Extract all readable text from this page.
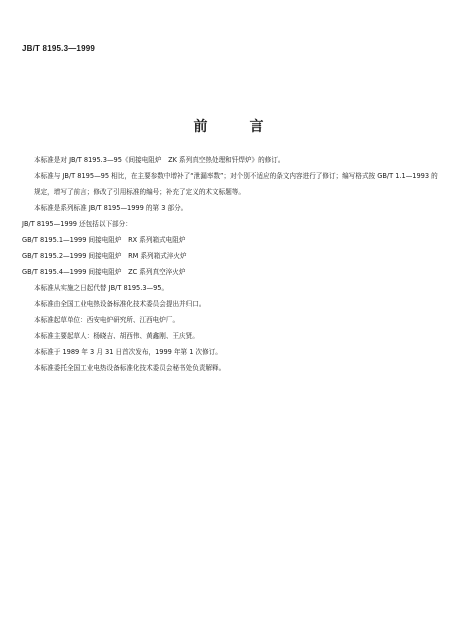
JB/T 8195.3—1999
前　言

本标准是对 JB/T 8195.3—95《间接电阻炉　ZK 系列真空热处理和钎焊炉》的修订。

本标准与 JB/T 8195—95 相比，在主要参数中增补了“泄漏率数”；对个别不适应的条文内容进行了修订；编写格式按 GB/T 1.1—1993 的规定，增写了前言；修改了引用标准的编号；补充了定义的术文标题等。

本标准是系列标准 JB/T 8195—1999 的第 3 部分。

JB/T 8195—1999 还包括以下部分：

GB/T 8195.1—1999 间接电阻炉　RX 系列箱式电阻炉

GB/T 8195.2—1999 间接电阻炉　RM 系列箱式淬火炉

GB/T 8195.4—1999 间接电阻炉　ZC 系列真空淬火炉

本标准从实施之日起代替 JB/T 8195.3—95。

本标准由全国工业电热设备标准化技术委员会提出并归口。

本标准起草单位：西安电炉研究所、江西电炉厂。

本标准主要起草人：杨晓吉、胡西伟、黄鑫刚、王庆贤。

本标准于 1989 年 3 月 31 日首次发布，1999 年第 1 次修订。

本标准委托全国工业电热设备标准化技术委员会秘书处负责解释。
